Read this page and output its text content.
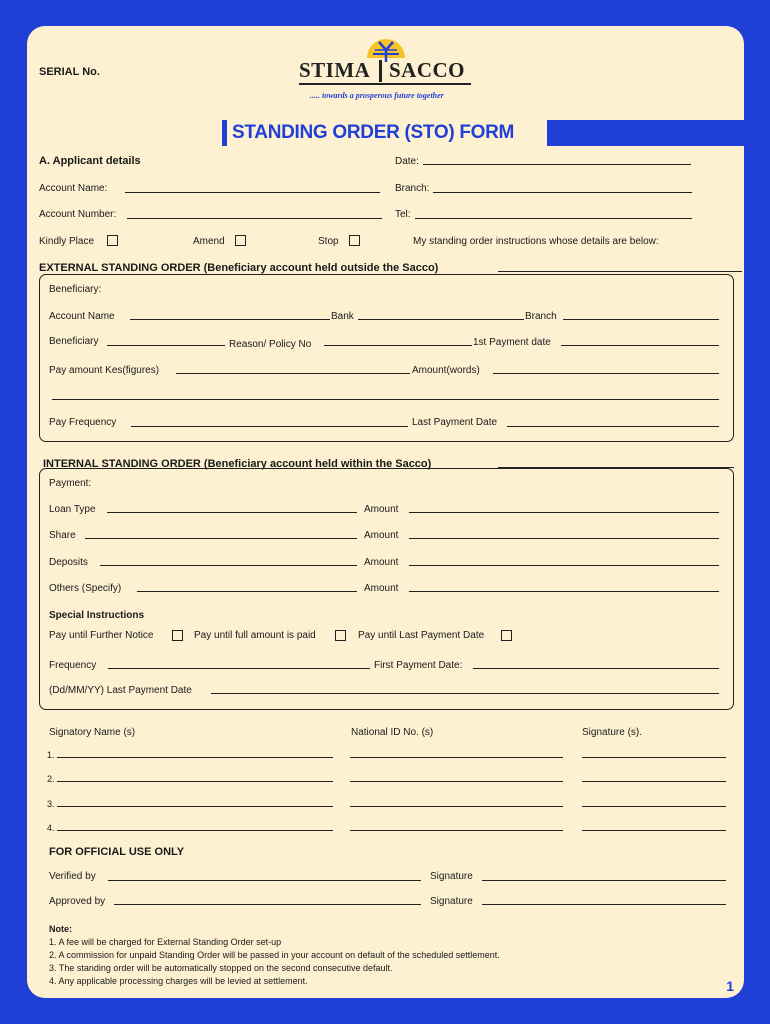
SERIAL No.	STIMA SACCO
..... towards a prosperous future together
STANDING ORDER (STO) FORM
A. Applicant details	Date:
Account Name:	Branch:
Account Number:	Tel:
Kindly Place	Amend	Stop	My standing order instructions whose details are below:
EXTERNAL STANDING ORDER (Beneficiary account held outside the Sacco)
Beneficiary:
Account Name	Bank	Branch
Beneficiary	Reason/ Policy No	1st Payment date
Pay amount Kes(figures)	Amount(words)
Pay Frequency	Last Payment Date
INTERNAL STANDING ORDER (Beneficiary account held within the Sacco)
Payment:
Loan Type	Amount
Share	Amount
Deposits	Amount
Others (Specify)	Amount
Special Instructions
Pay until Further Notice	Pay until full amount is paid	Pay until Last Payment Date
Frequency	First Payment Date:
(Dd/MM/YY) Last Payment Date
Signatory Name (s)	National ID No. (s)	Signature (s).
1.
2.
3.
4.
FOR OFFICIAL USE ONLY
Verified by	Signature
Approved by	Signature
Note:
1. A fee will be charged for External Standing Order set-up
2. A commission for unpaid Standing Order will be passed in your account on default of the scheduled settlement.
3. The standing order will be automatically stopped on the second consecutive default.
4. Any applicable processing charges will be levied at settlement.	1
